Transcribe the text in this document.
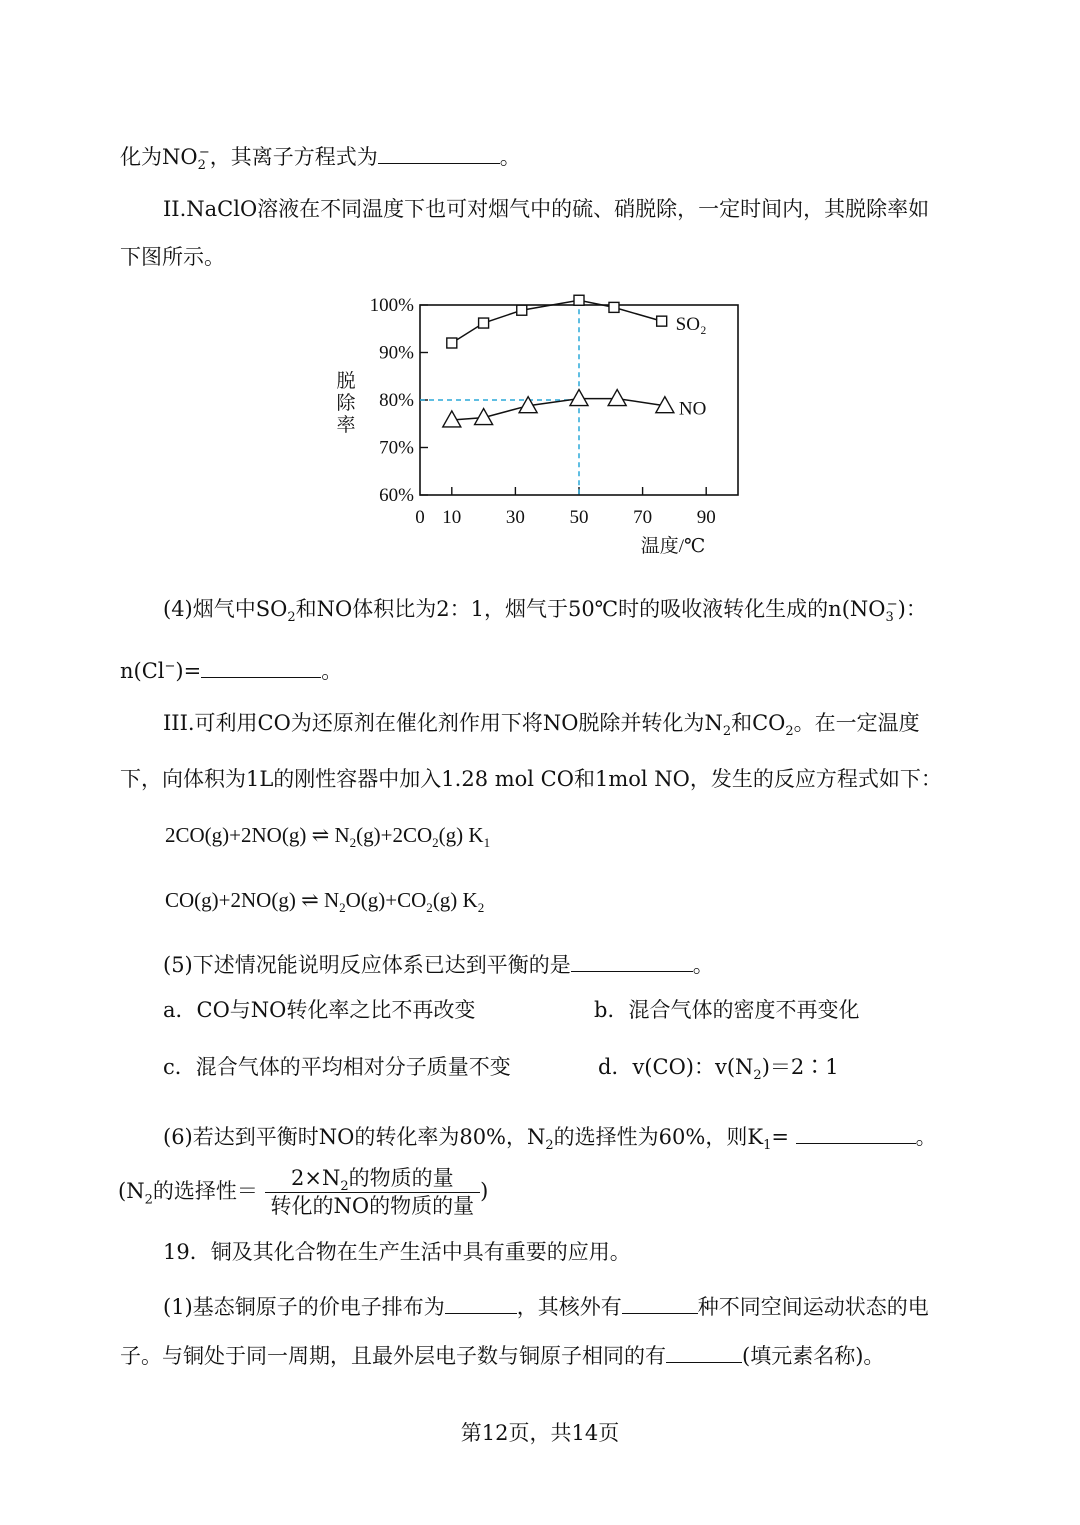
化为$NO_2^-$，其离子方程式为	。
II.NaClO溶液在不同温度下也可对烟气中的硫、硝脱除，一定时间内，其脱除率如
下图所示。
60%
70%
80%
90%
100%
0 10 30 50 70 90
SO₂
NO
脱
除
率
温度/℃
(4)烟气中$SO_2$和NO体积比为2：1，烟气于50℃时的吸收液转化生成的$n(NO_3^-)$：
n(Cl−)=	。
III.可利用CO为还原剂在催化剂作用下将NO脱除并转化为$N_2$和$CO_2$。在一定温度
下，向体积为1L的刚性容器中加入1.28 mol CO和1mol NO，发生的反应方程式如下：
2CO(g)+2NO(g) ⇌ $N_2(g)+2CO_2(g)$ $K_1$
CO(g)+2NO(g) ⇌ $N_2O(g)+CO_2(g)$ $K_2$
(5)下述情况能说明反应体系已达到平衡的是	。
a．CO与NO转化率之比不再改变	b．混合气体的密度不再变化
c．混合气体的平均相对分子质量不变	d．v(CO)：$v(N_2)=2∶1$
(6)若达到平衡时NO的转化率为80%，$N_2$的选择性为60%，则$K_1=$	。
($N_2$的选择性＝ $\frac{2\times N_2的物质的量}{\text{转化的NO的物质的量}}$ )
19．铜及其化合物在生产生活中具有重要的应用。
(1)基态铜原子的价电子排布为	，其核外有	种不同空间运动状态的电
子。与铜处于同一周期，且最外层电子数与铜原子相同的有	(填元素名称)。
第12页，共14页
